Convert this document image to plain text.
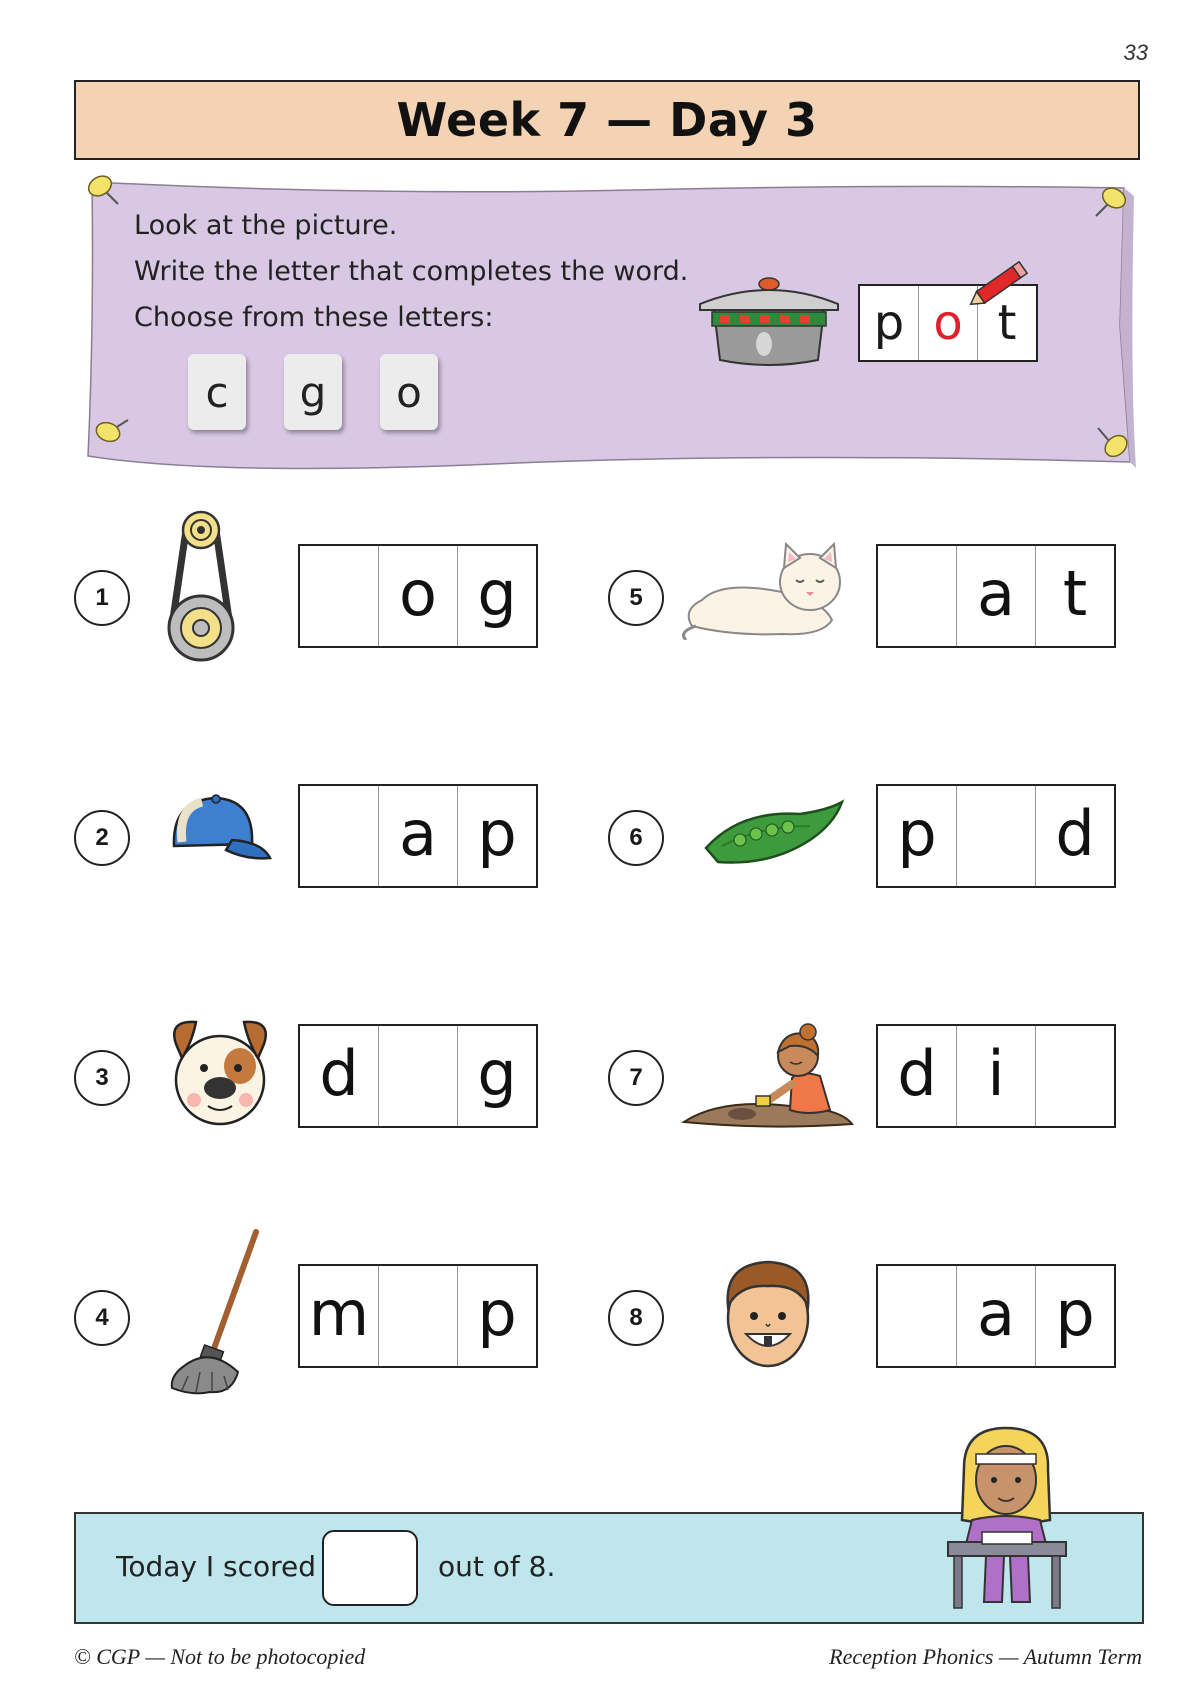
33
Week 7 — Day 3
Look at the picture.
Write the letter that completes the word.
Choose from these letters:
c	g	o
p o t
1	o g
2	a p
3	d	g
4	m	p
5	a t
6	p	d
7	d i
8	a p
Today I scored	out of 8.
© CGP — Not to be photocopied	Reception Phonics — Autumn Term
